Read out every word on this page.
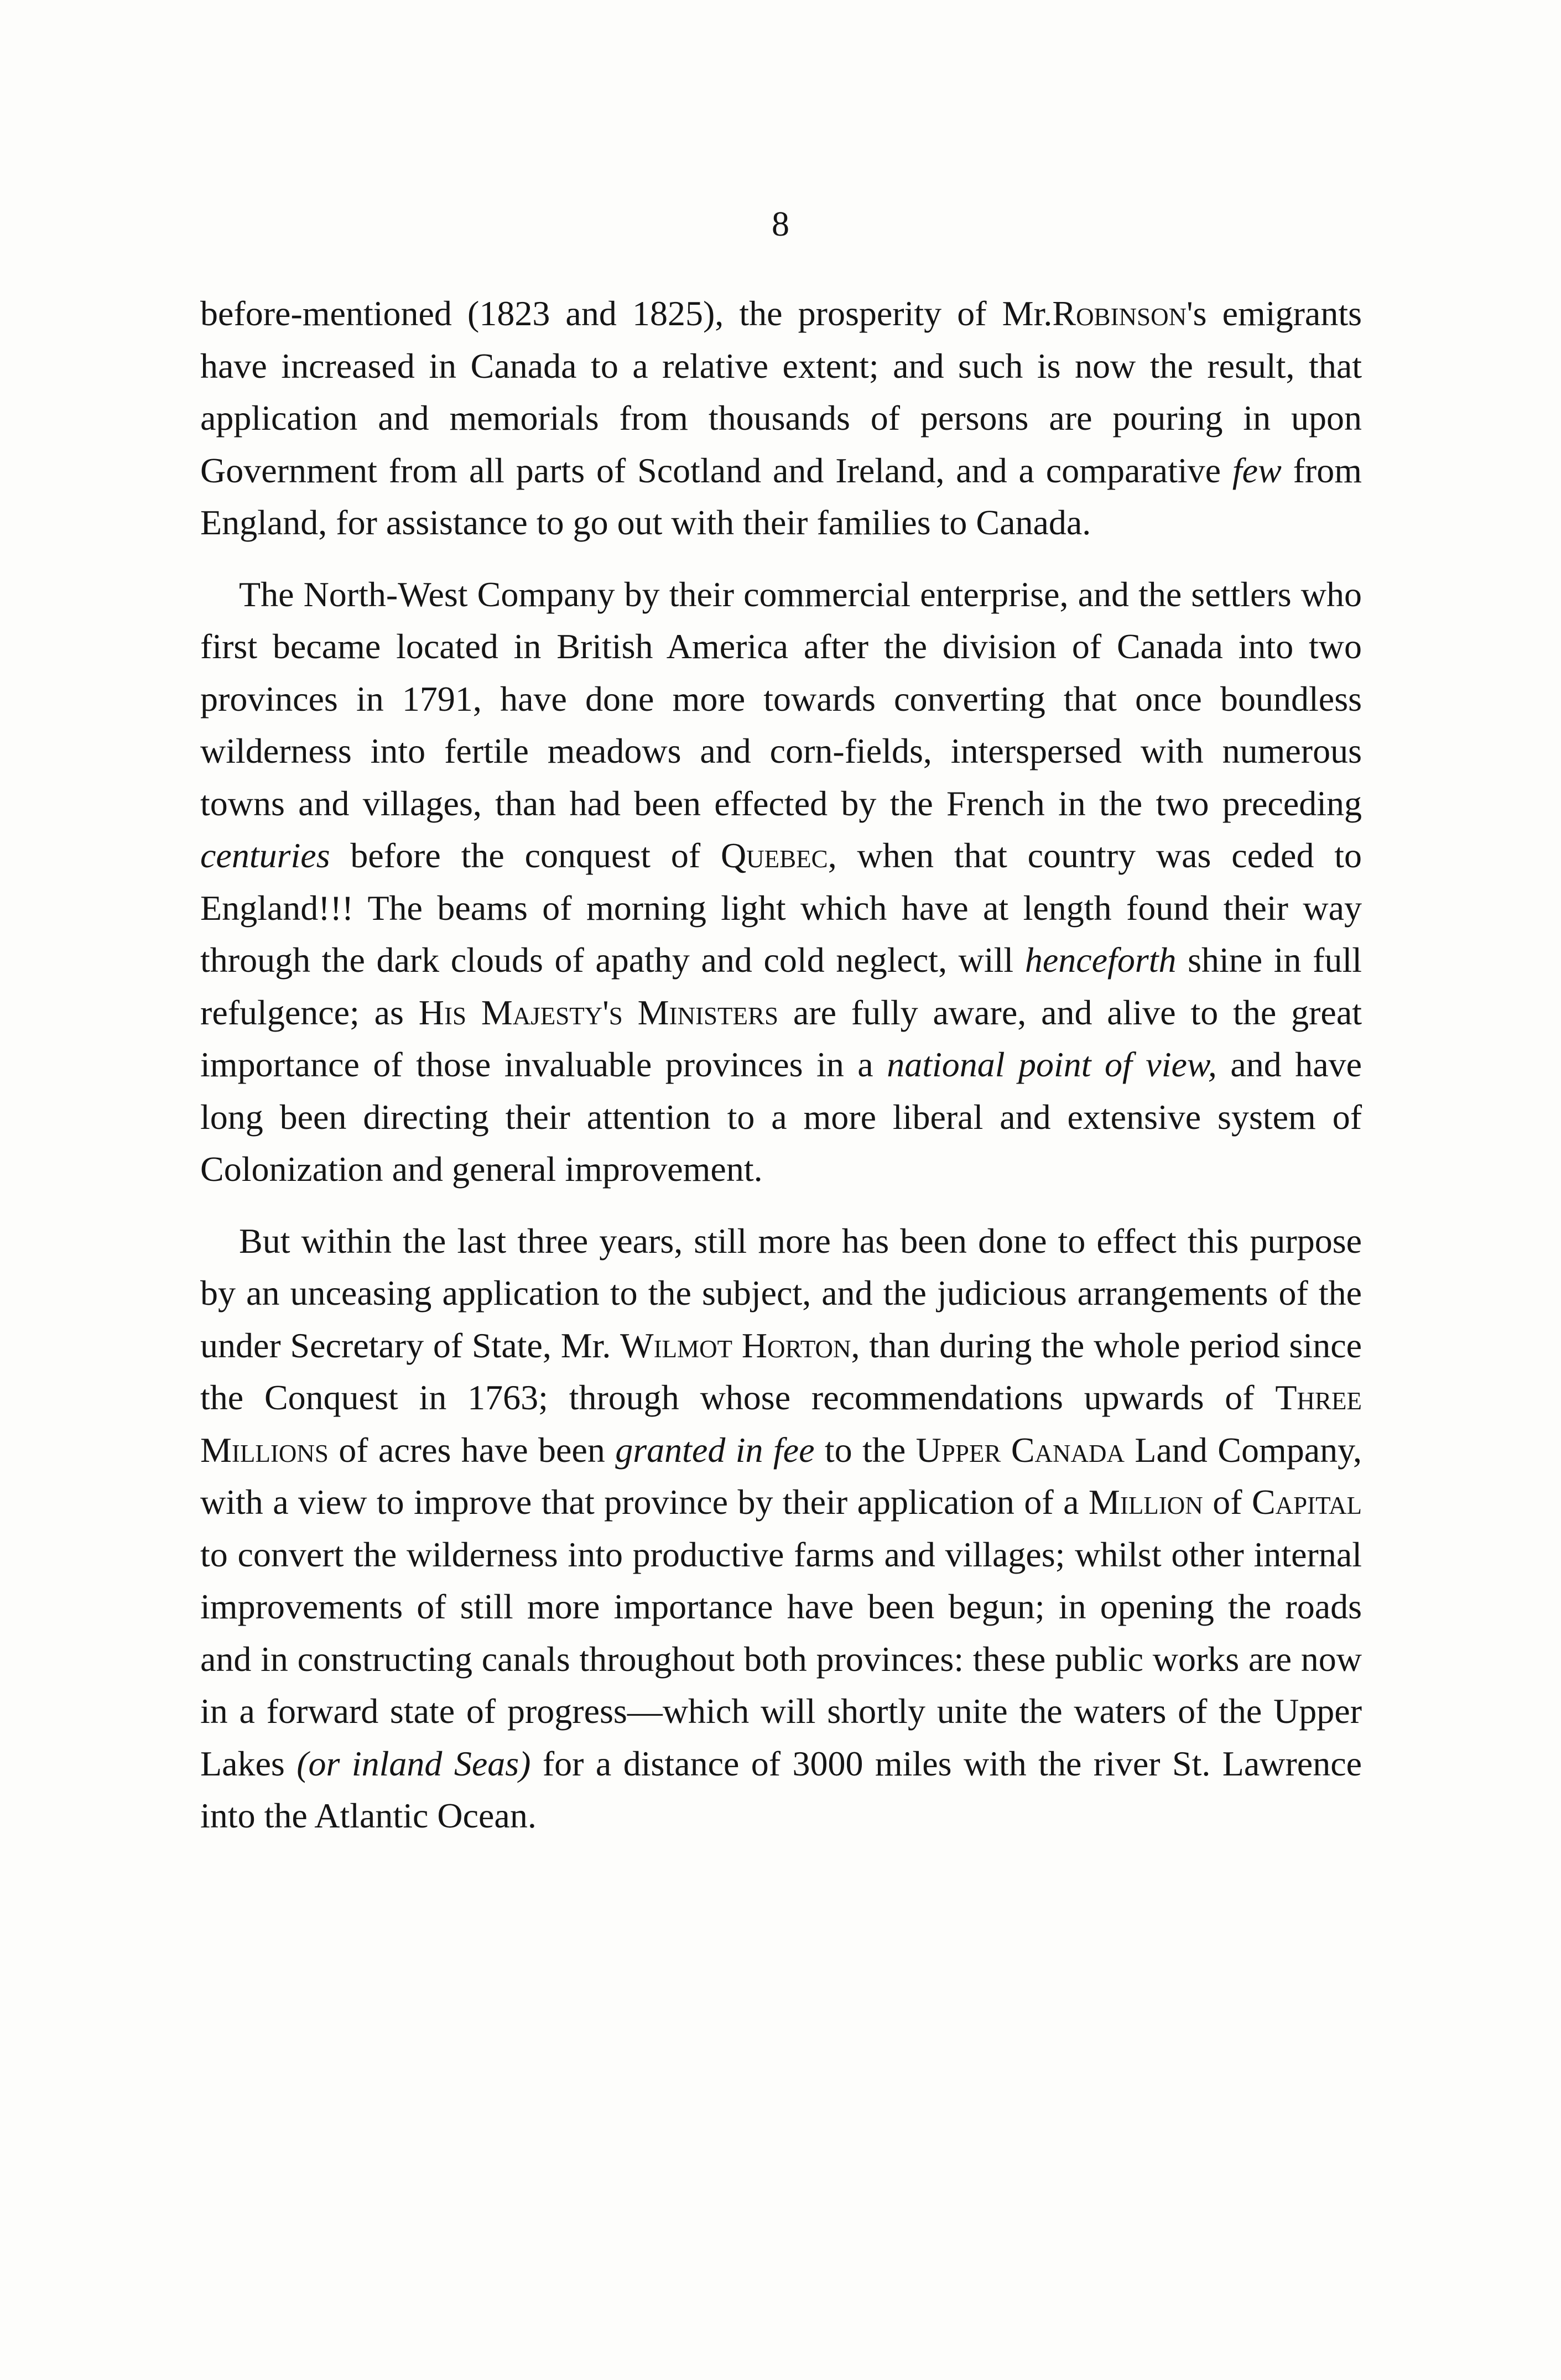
8

before-mentioned (1823 and 1825), the prosperity of Mr.Robinson's emigrants have increased in Canada to a relative extent; and such is now the result, that application and memorials from thousands of persons are pouring in upon Government from all parts of Scotland and Ireland, and a comparative few from England, for assistance to go out with their families to Canada.

The North-West Company by their commercial enterprise, and the settlers who first became located in British America after the division of Canada into two provinces in 1791, have done more towards converting that once boundless wilderness into fertile meadows and corn-fields, interspersed with numerous towns and villages, than had been effected by the French in the two preceding centuries before the conquest of Quebec, when that country was ceded to England!!! The beams of morning light which have at length found their way through the dark clouds of apathy and cold neglect, will henceforth shine in full refulgence; as His Majesty's Ministers are fully aware, and alive to the great importance of those invaluable provinces in a national point of view, and have long been directing their attention to a more liberal and extensive system of Colonization and general improvement.

But within the last three years, still more has been done to effect this purpose by an unceasing application to the subject, and the judicious arrangements of the under Secretary of State, Mr. Wilmot Horton, than during the whole period since the Conquest in 1763; through whose recommendations upwards of Three Millions of acres have been granted in fee to the Upper Canada Land Company, with a view to improve that province by their application of a Million of Capital to convert the wilderness into productive farms and villages; whilst other internal improvements of still more importance have been begun; in opening the roads and in constructing canals throughout both provinces: these public works are now in a forward state of progress—which will shortly unite the waters of the Upper Lakes (or inland Seas) for a distance of 3000 miles with the river St. Lawrence into the Atlantic Ocean.
